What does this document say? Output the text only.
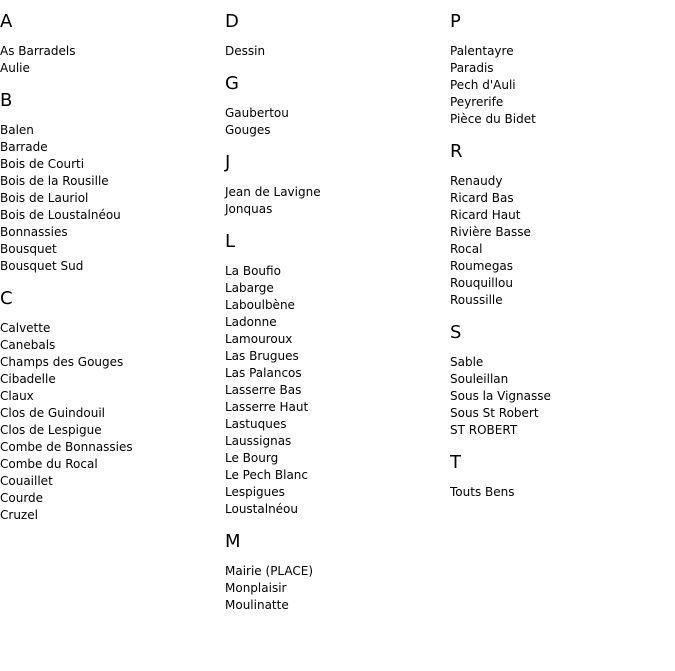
A
As Barradels
Aulie
B
Balen
Barrade
Bois de Courti
Bois de la Rousille
Bois de Lauriol
Bois de Loustalnéou
Bonnassies
Bousquet
Bousquet Sud
C
Calvette
Canebals
Champs des Gouges
Cibadelle
Claux
Clos de Guindouil
Clos de Lespigue
Combe de Bonnassies
Combe du Rocal
Couaillet
Courde
Cruzel
D
Dessin
G
Gaubertou
Gouges
J
Jean de Lavigne
Jonquas
L
La Boufio
Labarge
Laboulbène
Ladonne
Lamouroux
Las Brugues
Las Palancos
Lasserre Bas
Lasserre Haut
Lastuques
Laussignas
Le Bourg
Le Pech Blanc
Lespigues
Loustalnéou
M
Mairie (PLACE)
Monplaisir
Moulinatte
P
Palentayre
Paradis
Pech d'Auli
Peyrerife
Pièce du Bidet
R
Renaudy
Ricard Bas
Ricard Haut
Rivière Basse
Rocal
Roumegas
Rouquillou
Roussille
S
Sable
Souleillan
Sous la Vignasse
Sous St Robert
ST ROBERT
T
Touts Bens
